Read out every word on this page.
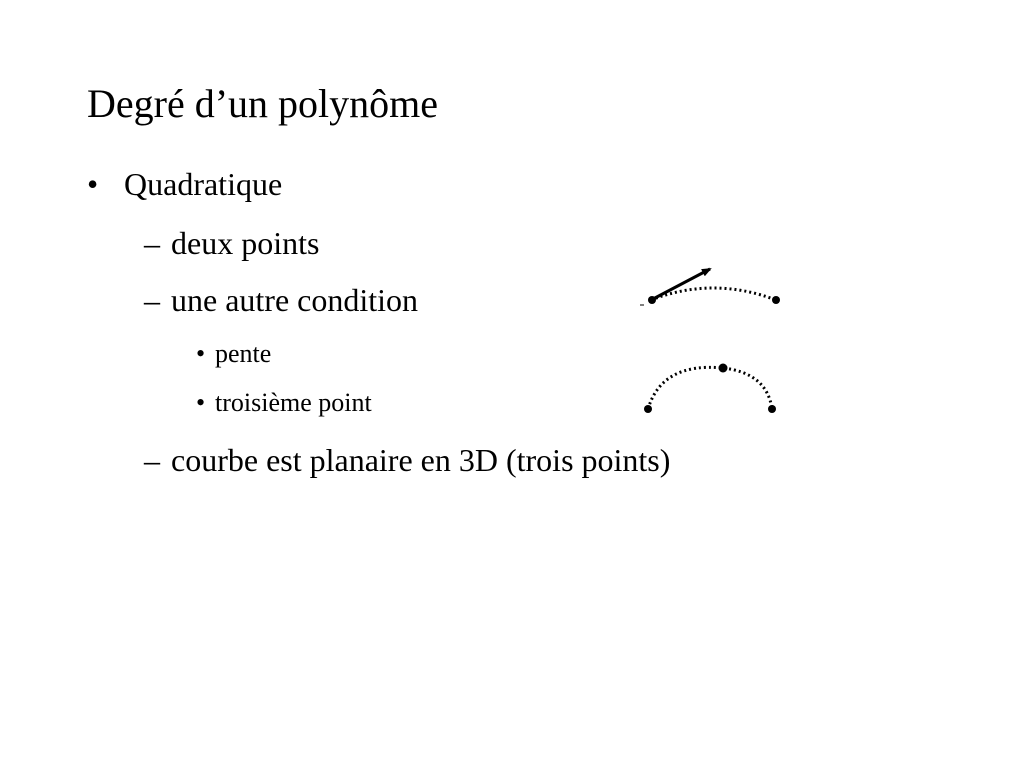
Degré d’un polynôme
• Quadratique
– deux points
– une autre condition
• pente
• troisième point
– courbe est planaire en 3D (trois points)
